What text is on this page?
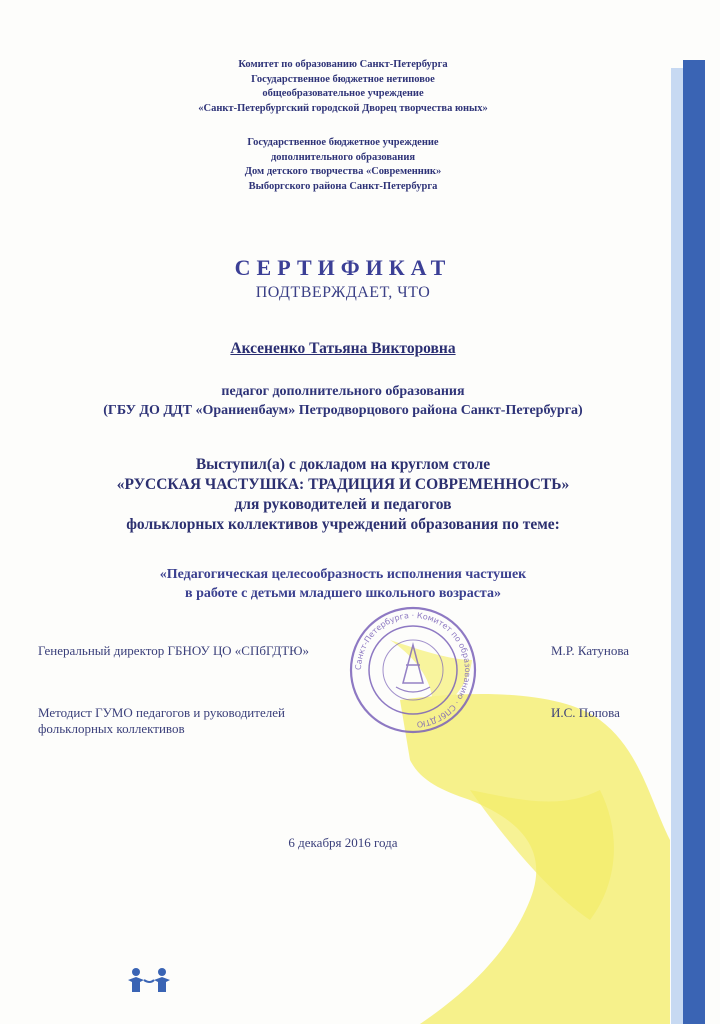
Комитет по образованию Санкт-Петербурга
Государственное бюджетное нетиповое
общеобразовательное учреждение
«Санкт-Петербургский городской Дворец творчества юных»
Государственное бюджетное учреждение
дополнительного образования
Дом детского творчества «Современник»
Выборгского района Санкт-Петербурга
СЕРТИФИКАТ
ПОДТВЕРЖДАЕТ, ЧТО
Аксененко Татьяна Викторовна
педагог дополнительного образования
(ГБУ ДО ДДТ «Ораниенбаум» Петродворцового района Санкт-Петербурга)
Выступил(а) с докладом на круглом столе
«РУССКАЯ ЧАСТУШКА: ТРАДИЦИЯ И СОВРЕМЕННОСТЬ»
для руководителей и педагогов
фольклорных коллективов учреждений образования по теме:
«Педагогическая целесообразность исполнения частушек
в работе с детьми младшего школьного возраста»
Санкт-Петербурга · Комитет по образованию · СПбГДТЮ
Генеральный директор ГБНОУ ЦО «СПбГДТЮ»	М.Р. Катунова
Методист ГУМО педагогов и руководителей
фольклорных коллективов
И.С. Попова
6 декабря 2016 года
